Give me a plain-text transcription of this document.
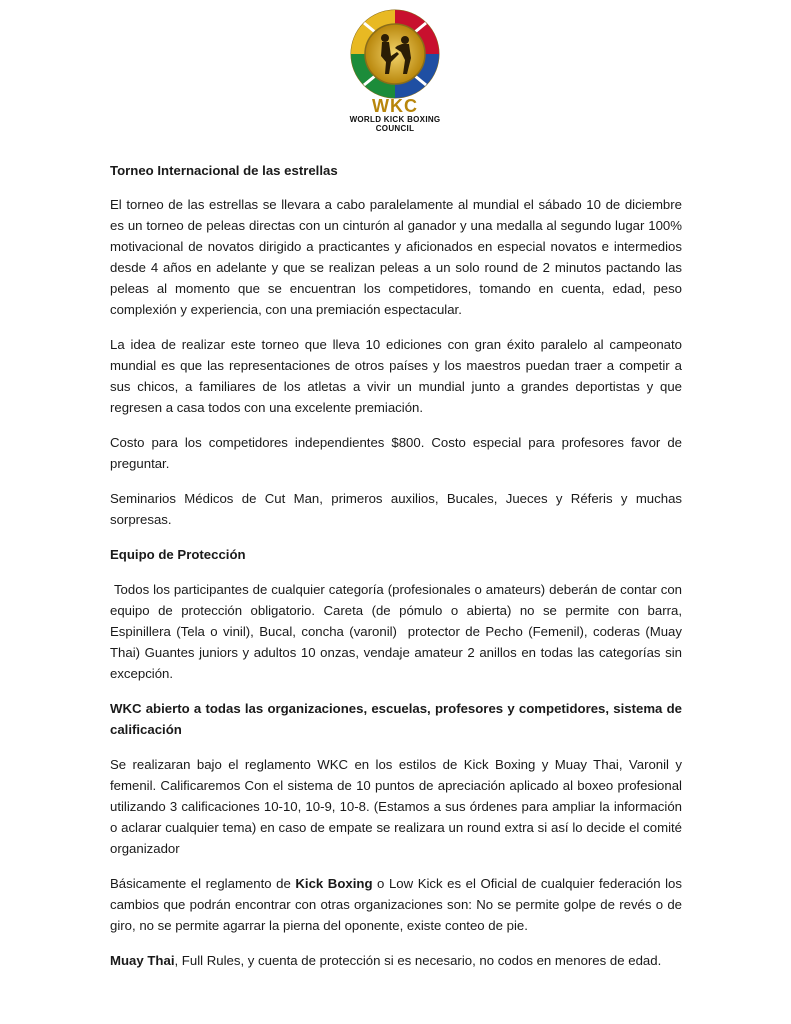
WKC
WORLD KICK BOXING
COUNCIL
Torneo Internacional de las estrellas

El torneo de las estrellas se llevara a cabo paralelamente al mundial el sábado 10 de diciembre es un torneo de peleas directas con un cinturón al ganador y una medalla al segundo lugar 100% motivacional de novatos dirigido a practicantes y aficionados en especial novatos e intermedios desde 4 años en adelante y que se realizan peleas a un solo round de 2 minutos pactando las peleas al momento que se encuentran los competidores, tomando en cuenta, edad, peso complexión y experiencia, con una premiación espectacular.

La idea de realizar este torneo que lleva 10 ediciones con gran éxito paralelo al campeonato mundial es que las representaciones de otros países y los maestros puedan traer a competir a sus chicos, a familiares de los atletas a vivir un mundial junto a grandes deportistas y que regresen a casa todos con una excelente premiación.

Costo para los competidores independientes $800. Costo especial para profesores favor de preguntar.

Seminarios Médicos de Cut Man, primeros auxilios, Bucales, Jueces y Réferis y muchas sorpresas.

Equipo de Protección

Todos los participantes de cualquier categoría (profesionales o amateurs) deberán de contar con equipo de protección obligatorio. Careta (de pómulo o abierta) no se permite con barra, Espinillera (Tela o vinil), Bucal, concha (varonil)  protector de Pecho (Femenil), coderas (Muay Thai) Guantes juniors y adultos 10 onzas, vendaje amateur 2 anillos en todas las categorías sin excepción.

WKC abierto a todas las organizaciones, escuelas, profesores y competidores, sistema de calificación

Se realizaran bajo el reglamento WKC en los estilos de Kick Boxing y Muay Thai, Varonil y femenil. Calificaremos Con el sistema de 10 puntos de apreciación aplicado al boxeo profesional utilizando 3 calificaciones 10-10, 10-9, 10-8. (Estamos a sus órdenes para ampliar la información o aclarar cualquier tema) en caso de empate se realizara un round extra si así lo decide el comité organizador

Básicamente el reglamento de Kick Boxing o Low Kick es el Oficial de cualquier federación los cambios que podrán encontrar con otras organizaciones son: No se permite golpe de revés o de giro, no se permite agarrar la pierna del oponente, existe conteo de pie.

Muay Thai, Full Rules, y cuenta de protección si es necesario, no codos en menores de edad.
